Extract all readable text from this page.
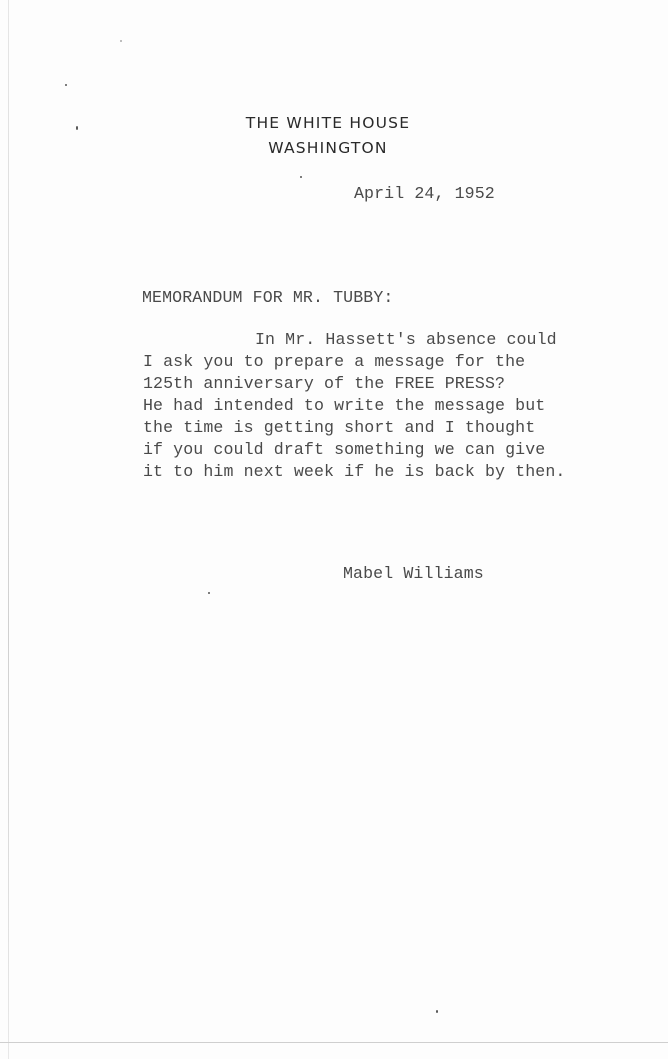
THE WHITE HOUSE
WASHINGTON
April 24, 1952
MEMORANDUM FOR MR. TUBBY:
In Mr. Hassett's absence could
I ask you to prepare a message for the
125th anniversary of the FREE PRESS?
He had intended to write the message but
the time is getting short and I thought
if you could draft something we can give
it to him next week if he is back by then.
Mabel Williams
